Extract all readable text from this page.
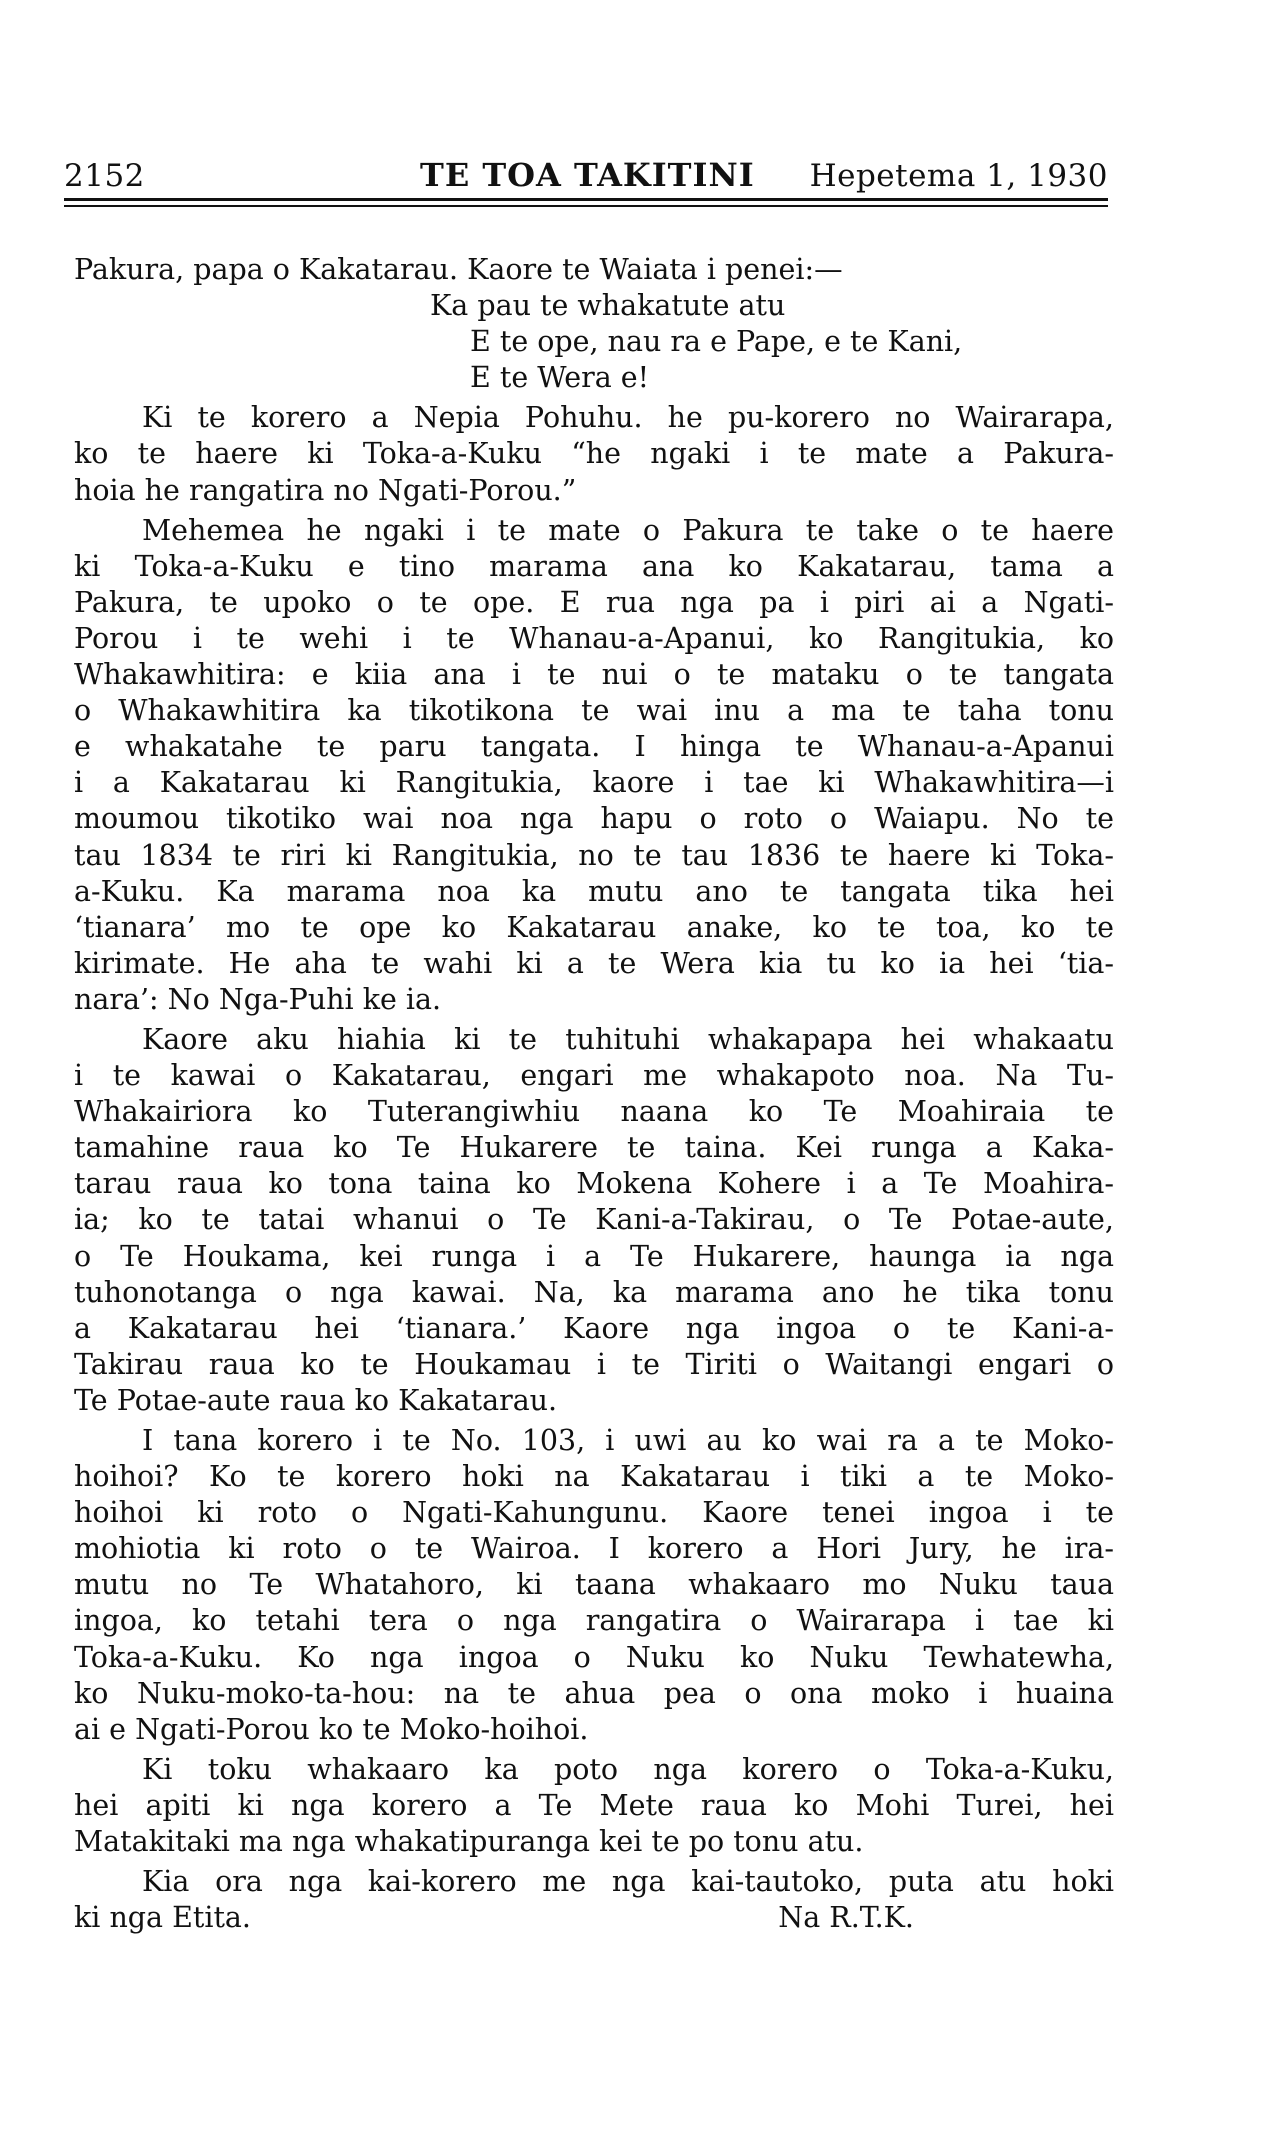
2152	TE TOA TAKITINI Hepetema 1, 1930
Pakura, papa o Kakatarau. Kaore te Waiata i penei:—
Ka pau te whakatute atu
E te ope, nau ra e Pape, e te Kani,
E te Wera e!
Ki te korero a Nepia Pohuhu. he pu-korero no Wairarapa,
ko te haere ki Toka-a-Kuku “he ngaki i te mate a Pakura-
hoia he rangatira no Ngati-Porou.”
Mehemea he ngaki i te mate o Pakura te take o te haere
ki Toka-a-Kuku e tino marama ana ko Kakatarau, tama a
Pakura, te upoko o te ope. E rua nga pa i piri ai a Ngati-
Porou i te wehi i te Whanau-a-Apanui, ko Rangitukia, ko
Whakawhitira: e kiia ana i te nui o te mataku o te tangata
o Whakawhitira ka tikotikona te wai inu a ma te taha tonu
e whakatahe te paru tangata. I hinga te Whanau-a-Apanui
i a Kakatarau ki Rangitukia, kaore i tae ki Whakawhitira—i
moumou tikotiko wai noa nga hapu o roto o Waiapu. No te
tau 1834 te riri ki Rangitukia, no te tau 1836 te haere ki Toka-
a-Kuku. Ka marama noa ka mutu ano te tangata tika hei
‘tianara’ mo te ope ko Kakatarau anake, ko te toa, ko te
kirimate. He aha te wahi ki a te Wera kia tu ko ia hei ‘tia-
nara’: No Nga-Puhi ke ia.
Kaore aku hiahia ki te tuhituhi whakapapa hei whakaatu
i te kawai o Kakatarau, engari me whakapoto noa. Na Tu-
Whakairiora ko Tuterangiwhiu naana ko Te Moahiraia te
tamahine raua ko Te Hukarere te taina. Kei runga a Kaka-
tarau raua ko tona taina ko Mokena Kohere i a Te Moahira-
ia; ko te tatai whanui o Te Kani-a-Takirau, o Te Potae-aute,
o Te Houkama, kei runga i a Te Hukarere, haunga ia nga
tuhonotanga o nga kawai. Na, ka marama ano he tika tonu
a Kakatarau hei ‘tianara.’ Kaore nga ingoa o te Kani-a-
Takirau raua ko te Houkamau i te Tiriti o Waitangi engari o
Te Potae-aute raua ko Kakatarau.
I tana korero i te No. 103, i uwi au ko wai ra a te Moko-
hoihoi? Ko te korero hoki na Kakatarau i tiki a te Moko-
hoihoi ki roto o Ngati-Kahungunu. Kaore tenei ingoa i te
mohiotia ki roto o te Wairoa. I korero a Hori Jury, he ira-
mutu no Te Whatahoro, ki taana whakaaro mo Nuku taua
ingoa, ko tetahi tera o nga rangatira o Wairarapa i tae ki
Toka-a-Kuku. Ko nga ingoa o Nuku ko Nuku Tewhatewha,
ko Nuku-moko-ta-hou: na te ahua pea o ona moko i huaina
ai e Ngati-Porou ko te Moko-hoihoi.
Ki toku whakaaro ka poto nga korero o Toka-a-Kuku,
hei apiti ki nga korero a Te Mete raua ko Mohi Turei, hei
Matakitaki ma nga whakatipuranga kei te po tonu atu.
Kia ora nga kai-korero me nga kai-tautoko, puta atu hoki
ki nga Etita.	Na R.T.K.
